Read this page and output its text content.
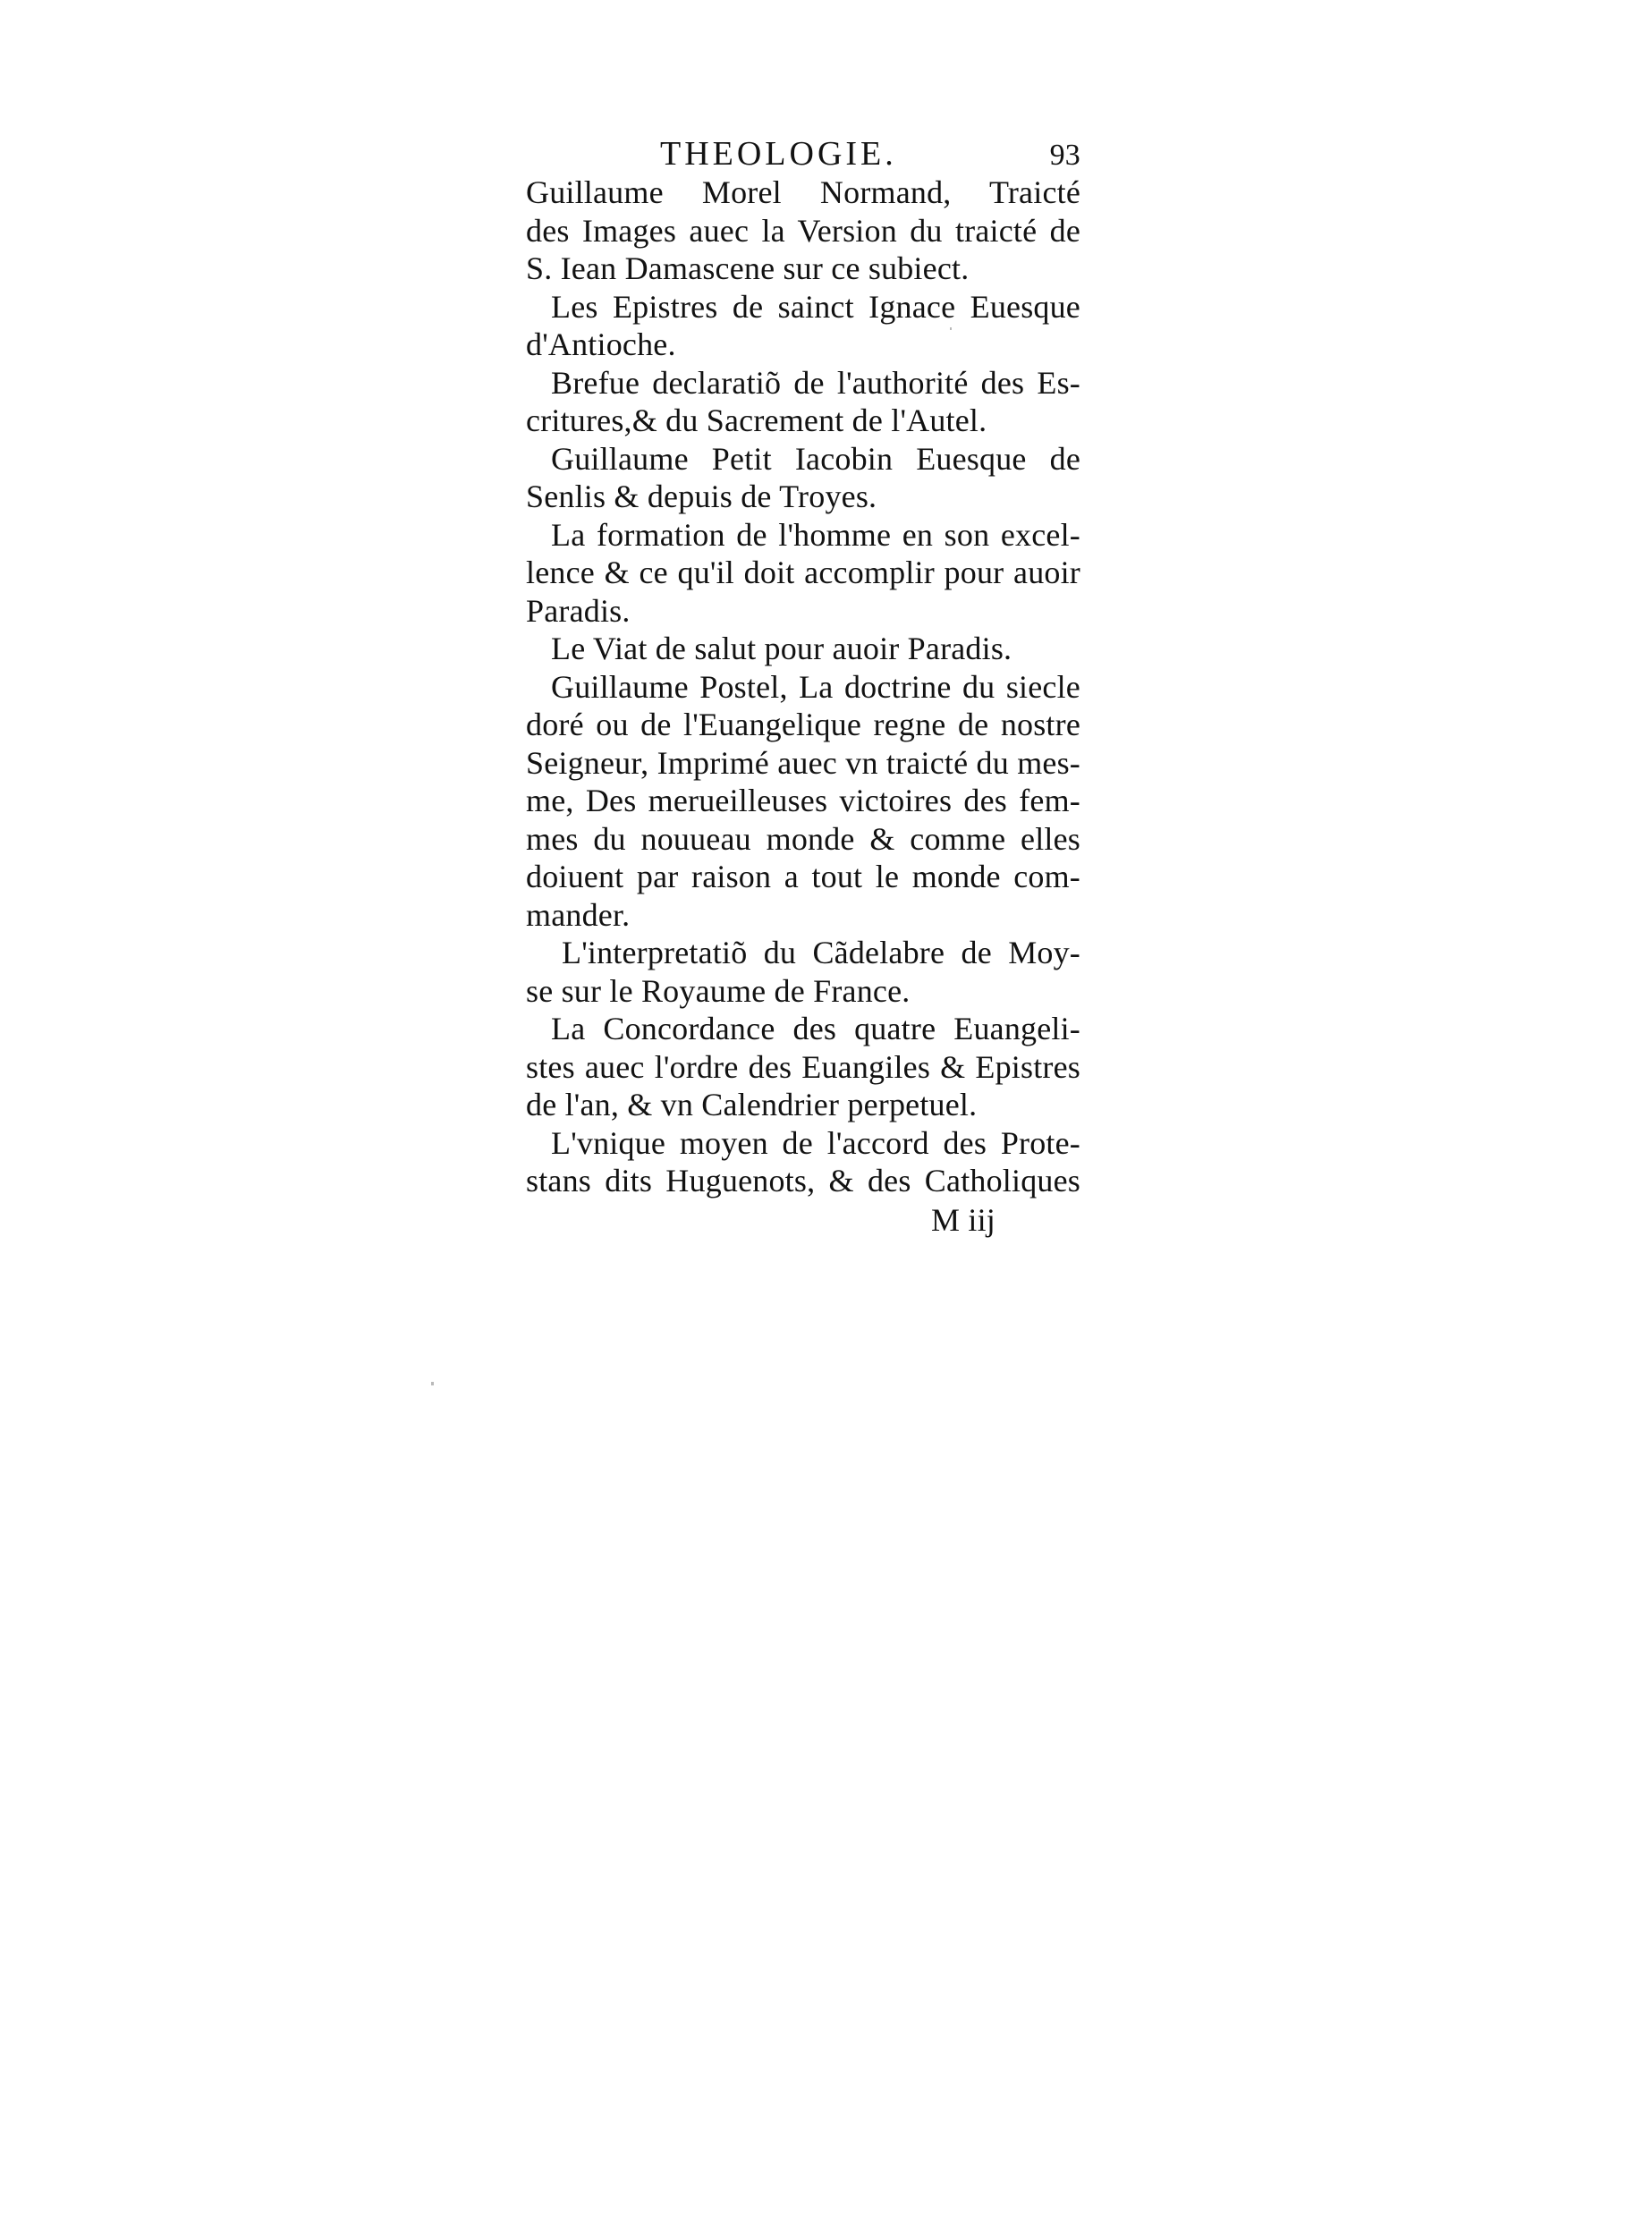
THEOLOGIE.	93
Guillaume Morel Normand, Traicté
des Images auec la Version du traicté de
S. Iean Damascene sur ce subiect.
Les Epistres de sainct Ignace Euesque
d'Antioche.
Brefue declaratiõ de l'authorité des Es-
critures,& du Sacrement de l'Autel.
Guillaume Petit Iacobin Euesque de
Senlis & depuis de Troyes.
La formation de l'homme en son excel-
lence & ce qu'il doit accomplir pour auoir
Paradis.
Le Viat de salut pour auoir Paradis.
Guillaume Postel, La doctrine du siecle
doré ou de l'Euangelique regne de nostre
Seigneur, Imprimé auec vn traicté du mes-
me, Des merueilleuses victoires des fem-
mes du nouueau monde & comme elles
doiuent par raison a tout le monde com-
mander.
L'interpretatiõ du Cãdelabre de Moy-
se sur le Royaume de France.
La Concordance des quatre Euangeli-
stes auec l'ordre des Euangiles & Epistres
de l'an, & vn Calendrier perpetuel.
L'vnique moyen de l'accord des Prote-
stans dits Huguenots, & des Catholiques
M iij
